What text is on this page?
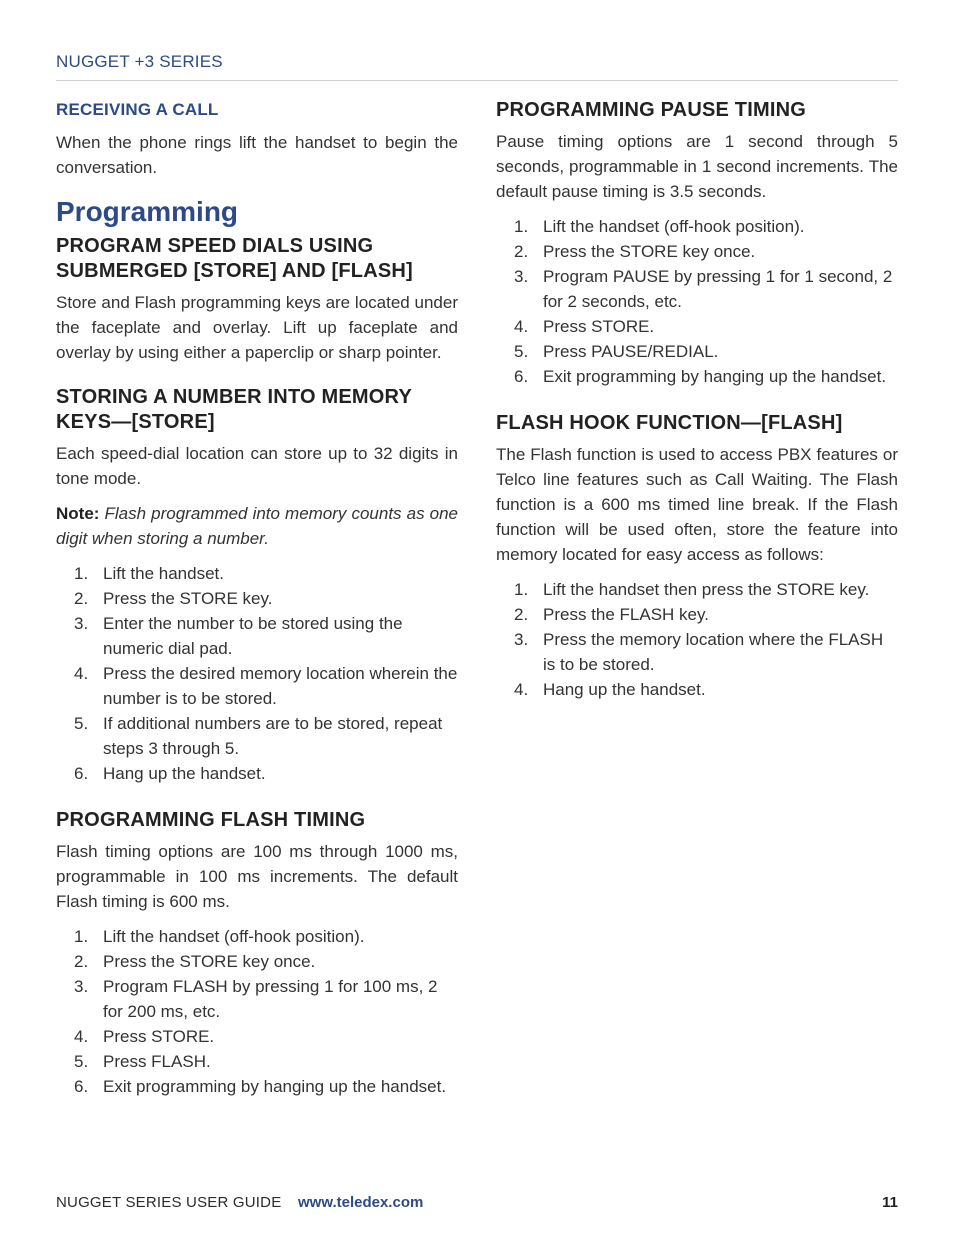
NUGGET +3 SERIES
RECEIVING A CALL

When the phone rings lift the handset to begin the conversation.

Programming
PROGRAM SPEED DIALS USING SUBMERGED [STORE] AND [FLASH]

Store and Flash programming keys are located under the faceplate and overlay. Lift up faceplate and overlay by using either a paperclip or sharp pointer.

STORING A NUMBER INTO MEMORY KEYS—[STORE]

Each speed-dial location can store up to 32 digits in tone mode.

Note: Flash programmed into memory counts as one digit when storing a number.

1. Lift the handset.
2. Press the STORE key.
3. Enter the number to be stored using the numeric dial pad.
4. Press the desired memory location wherein the number is to be stored.
5. If additional numbers are to be stored, repeat steps 3 through 5.
6. Hang up the handset.
PROGRAMMING FLASH TIMING

Flash timing options are 100 ms through 1000 ms, programmable in 100 ms increments. The default Flash timing is 600 ms.

1. Lift the handset (off-hook position).
2. Press the STORE key once.
3. Program FLASH by pressing 1 for 100 ms, 2 for 200 ms, etc.
4. Press STORE.
5. Press FLASH.
6. Exit programming by hanging up the handset.
PROGRAMMING PAUSE TIMING

Pause timing options are 1 second through 5 seconds, programmable in 1 second increments. The default pause timing is 3.5 seconds.

1. Lift the handset (off-hook position).
2. Press the STORE key once.
3. Program PAUSE by pressing 1 for 1 second, 2 for 2 seconds, etc.
4. Press STORE.
5. Press PAUSE/REDIAL.
6. Exit programming by hanging up the handset.
FLASH HOOK FUNCTION—[FLASH]

The Flash function is used to access PBX features or Telco line features such as Call Waiting. The Flash function is a 600 ms timed line break. If the Flash function will be used often, store the feature into memory located for easy access as follows:

1. Lift the handset then press the STORE key.
2. Press the FLASH key.
3. Press the memory location where the FLASH is to be stored.
4. Hang up the handset.
NUGGET SERIES USER GUIDE www.teledex.com	11
